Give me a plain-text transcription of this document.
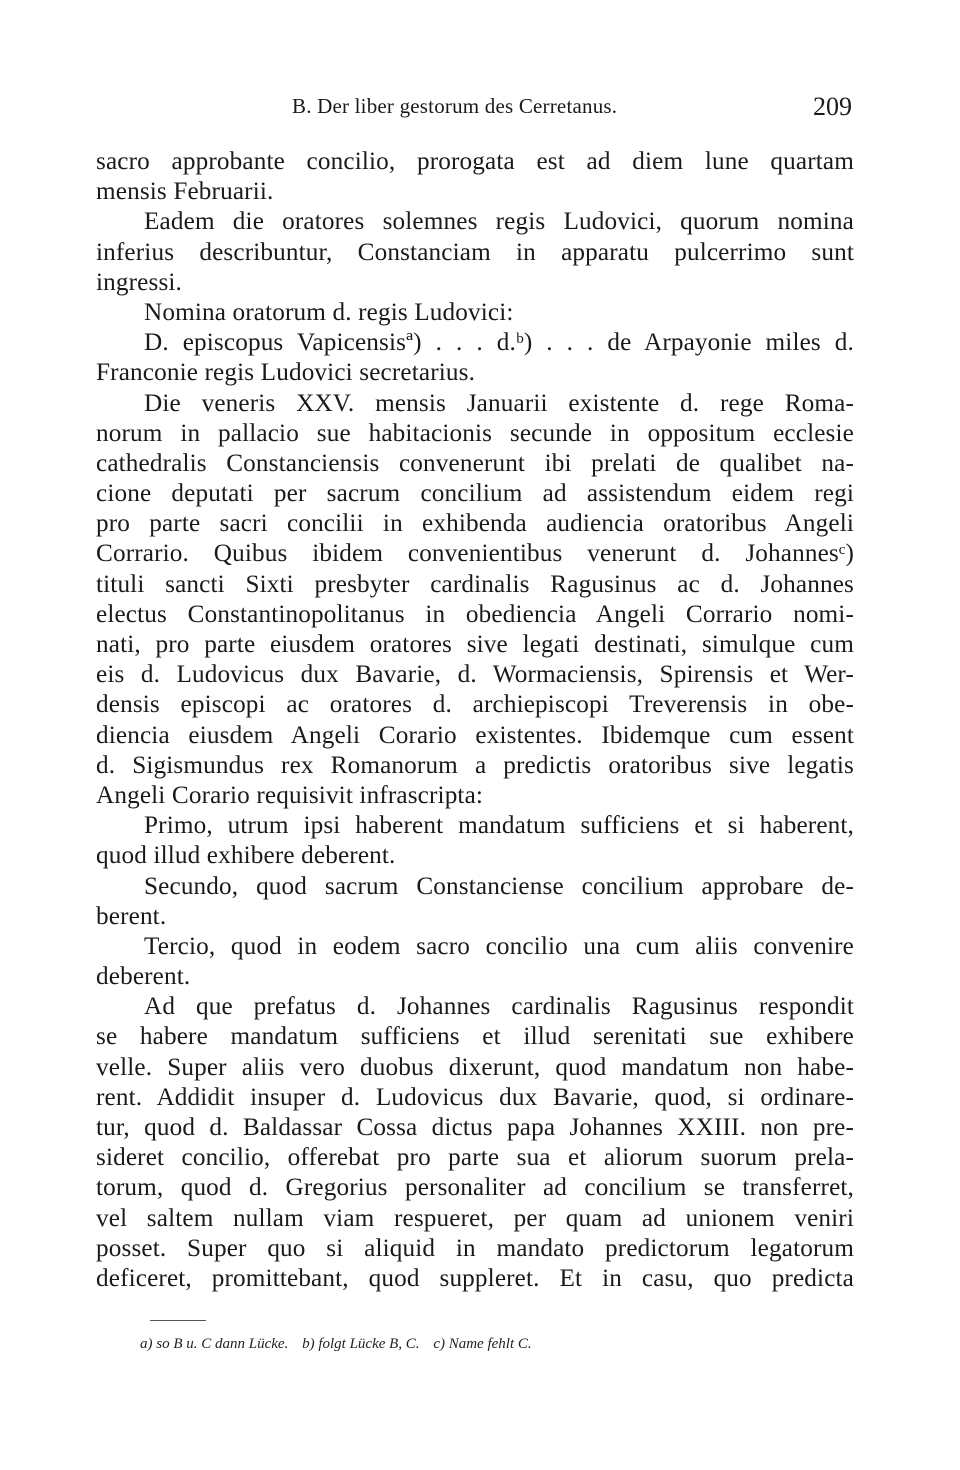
B. Der liber gestorum des Cerretanus.	209
sacro approbante concilio, prorogata est ad diem lune quartam
mensis Februarii.
Eadem die oratores solemnes regis Ludovici, quorum nomina
inferius describuntur, Constanciam in apparatu pulcerrimo sunt
ingressi.
Nomina oratorum d. regis Ludovici:
D. episcopus Vapicensisª) . . . d.ᵇ) . . . de Arpayonie miles d.
Franconie regis Ludovici secretarius.
Die veneris XXV. mensis Januarii existente d. rege Roma-
norum in pallacio sue habitacionis secunde in oppositum ecclesie
cathedralis Constanciensis convenerunt ibi prelati de qualibet na-
cione deputati per sacrum concilium ad assistendum eidem regi
pro parte sacri concilii in exhibenda audiencia oratoribus Angeli
Corrario. Quibus ibidem convenientibus venerunt d. Johannesᶜ)
tituli sancti Sixti presbyter cardinalis Ragusinus ac d. Johannes
electus Constantinopolitanus in obediencia Angeli Corrario nomi-
nati, pro parte eiusdem oratores sive legati destinati, simulque cum
eis d. Ludovicus dux Bavarie, d. Wormaciensis, Spirensis et Wer-
densis episcopi ac oratores d. archiepiscopi Treverensis in obe-
diencia eiusdem Angeli Corario existentes. Ibidemque cum essent
d. Sigismundus rex Romanorum a predictis oratoribus sive legatis
Angeli Corario requisivit infrascripta:
Primo, utrum ipsi haberent mandatum sufficiens et si haberent,
quod illud exhibere deberent.
Secundo, quod sacrum Constanciense concilium approbare de-
berent.
Tercio, quod in eodem sacro concilio una cum aliis convenire
deberent.
Ad que prefatus d. Johannes cardinalis Ragusinus respondit
se habere mandatum sufficiens et illud serenitati sue exhibere
velle. Super aliis vero duobus dixerunt, quod mandatum non habe-
rent. Addidit insuper d. Ludovicus dux Bavarie, quod, si ordinare-
tur, quod d. Baldassar Cossa dictus papa Johannes XXIII. non pre-
sideret concilio, offerebat pro parte sua et aliorum suorum prela-
torum, quod d. Gregorius personaliter ad concilium se transferret,
vel saltem nullam viam respueret, per quam ad unionem veniri
posset. Super quo si aliquid in mandato predictorum legatorum
deficeret, promittebant, quod suppleret. Et in casu, quo predicta
a) so B u. C dann Lücke. b) folgt Lücke B, C. c) Name fehlt C.
